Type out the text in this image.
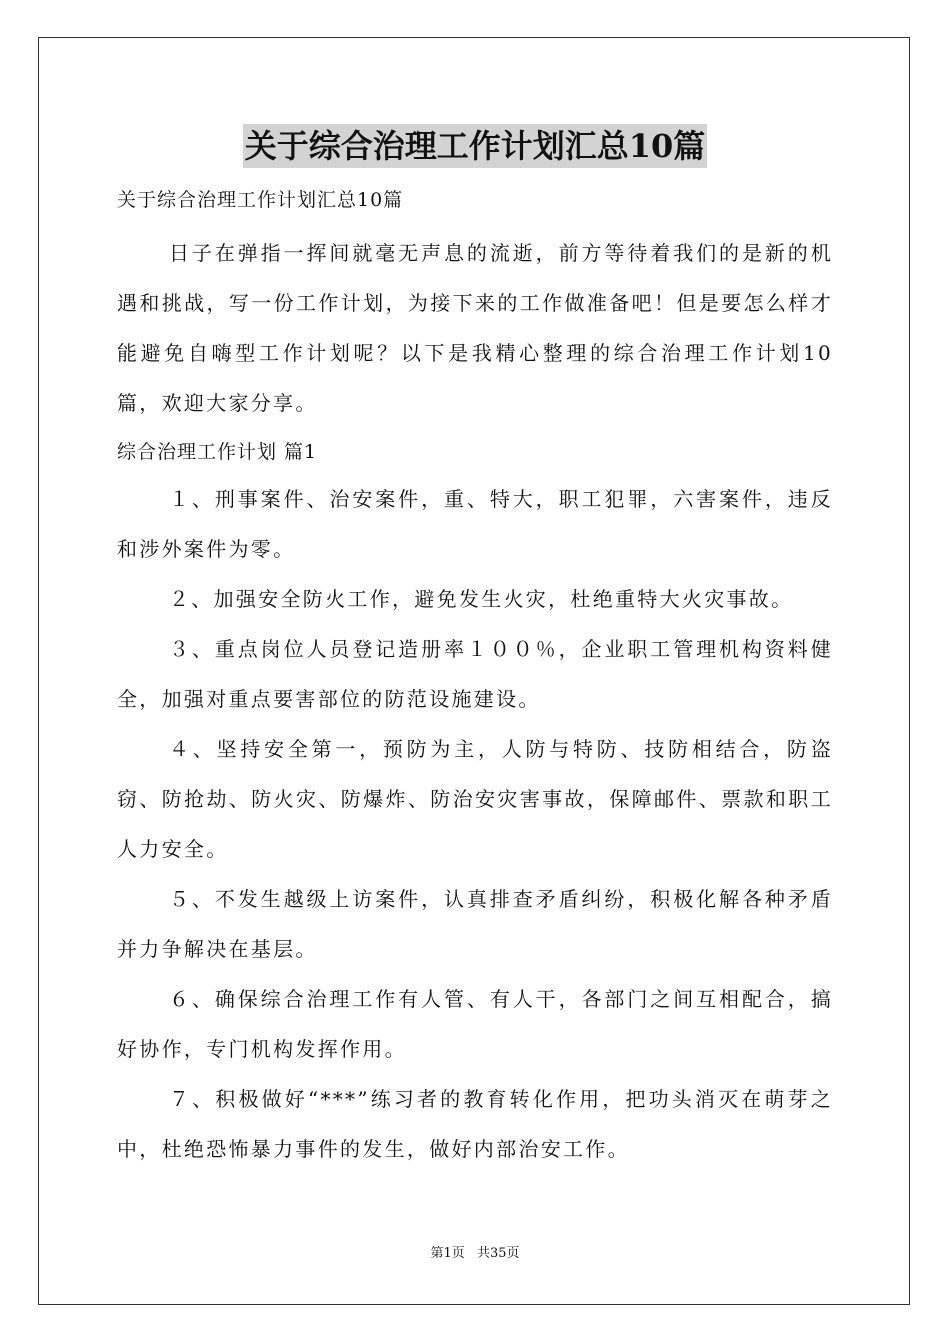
关于综合治理工作计划汇总10篇

关于综合治理工作计划汇总10篇

日子在弹指一挥间就毫无声息的流逝，前方等待着我们的是新的机遇和挑战，写一份工作计划，为接下来的工作做准备吧！但是要怎么样才能避免自嗨型工作计划呢？以下是我精心整理的综合治理工作计划10篇，欢迎大家分享。

综合治理工作计划 篇1

１、刑事案件、治安案件，重、特大，职工犯罪，六害案件，违反和涉外案件为零。

２、加强安全防火工作，避免发生火灾，杜绝重特大火灾事故。

３、重点岗位人员登记造册率１００％，企业职工管理机构资料健全，加强对重点要害部位的防范设施建设。

４、坚持安全第一，预防为主，人防与特防、技防相结合，防盗窃、防抢劫、防火灾、防爆炸、防治安灾害事故，保障邮件、票款和职工人力安全。

５、不发生越级上访案件，认真排查矛盾纠纷，积极化解各种矛盾并力争解决在基层。

６、确保综合治理工作有人管、有人干，各部门之间互相配合，搞好协作，专门机构发挥作用。

７、积极做好“***”练习者的教育转化作用，把功头消灭在萌芽之中，杜绝恐怖暴力事件的发生，做好内部治安工作。

第1页 共35页
